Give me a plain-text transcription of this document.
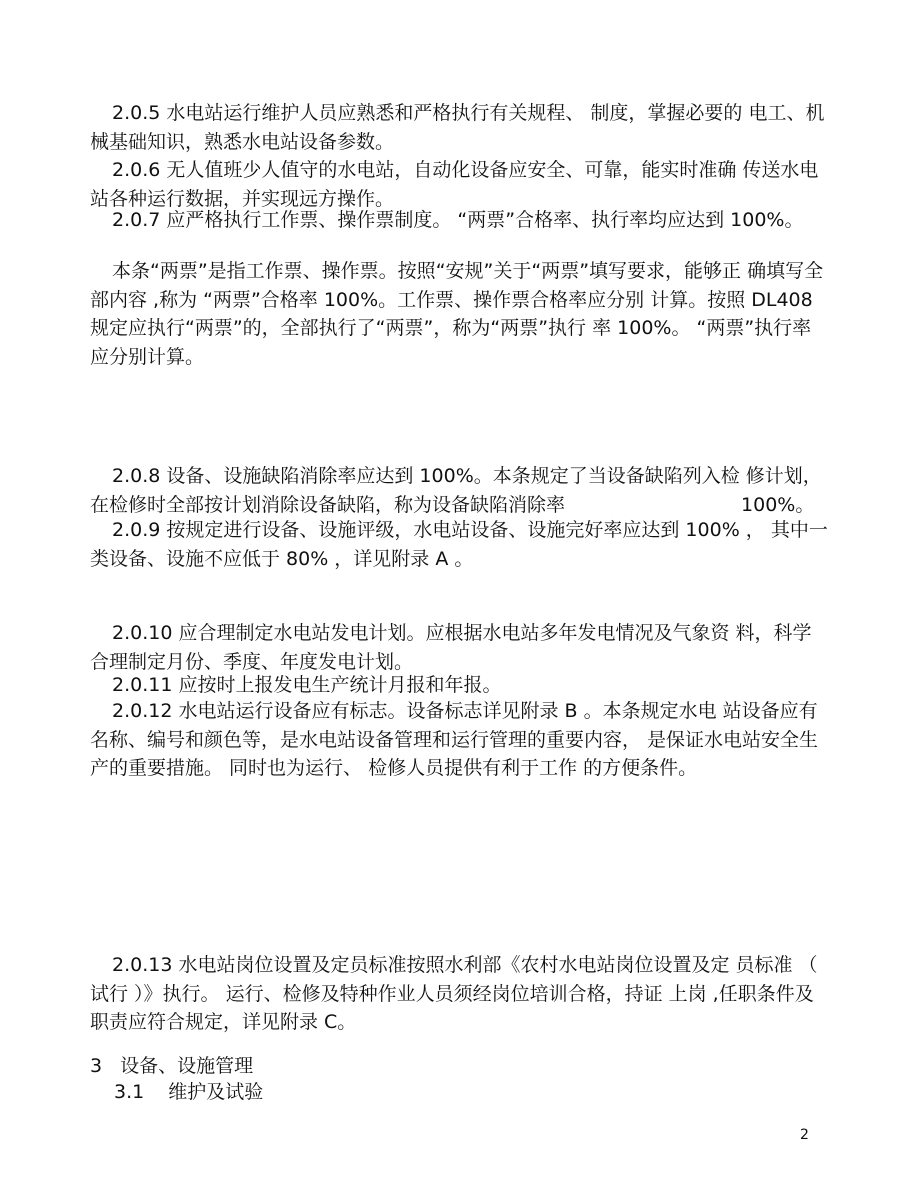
2.0.5 水电站运行维护人员应熟悉和严格执行有关规程、 制度，掌握必要的 电工、机械基础知识，熟悉水电站设备参数。

2.0.6 无人值班少人值守的水电站，自动化设备应安全、可靠，能实时准确 传送水电站各种运行数据，并实现远方操作。

2.0.7 应严格执行工作票、操作票制度。 “两票”合格率、执行率均应达到 100%。

本条“两票”是指工作票、操作票。按照“安规”关于“两票”填写要求，能够正 确填写全部内容 ,称为 “两票”合格率 100%。工作票、操作票合格率应分别 计算。按照 DL408 规定应执行“两票”的，全部执行了“两票”，称为“两票”执行 率 100%。 “两票”执行率应分别计算。

2.0.8 设备、设施缺陷消除率应达到 100%。本条规定了当设备缺陷列入检 修计划，在检修时全部按计划消除设备缺陷，称为设备缺陷消除率	100%。

2.0.9 按规定进行设备、设施评级，水电站设备、设施完好率应达到 100% ， 其中一类设备、设施不应低于 80% ，详见附录 A 。

2.0.10 应合理制定水电站发电计划。应根据水电站多年发电情况及气象资 料，科学合理制定月份、季度、年度发电计划。

2.0.11 应按时上报发电生产统计月报和年报。

2.0.12 水电站运行设备应有标志。设备标志详见附录 B 。本条规定水电 站设备应有名称、编号和颜色等，是水电站设备管理和运行管理的重要内容， 是保证水电站安全生产的重要措施。 同时也为运行、 检修人员提供有利于工作 的方便条件。

2.0.13 水电站岗位设置及定员标准按照水利部《农村水电站岗位设置及定 员标准 （ 试行 ）》执行。 运行、检修及特种作业人员须经岗位培训合格，持证 上岗 ,任职条件及职责应符合规定，详见附录 C。

3 设备、设施管理

3.1 维护及试验

2
